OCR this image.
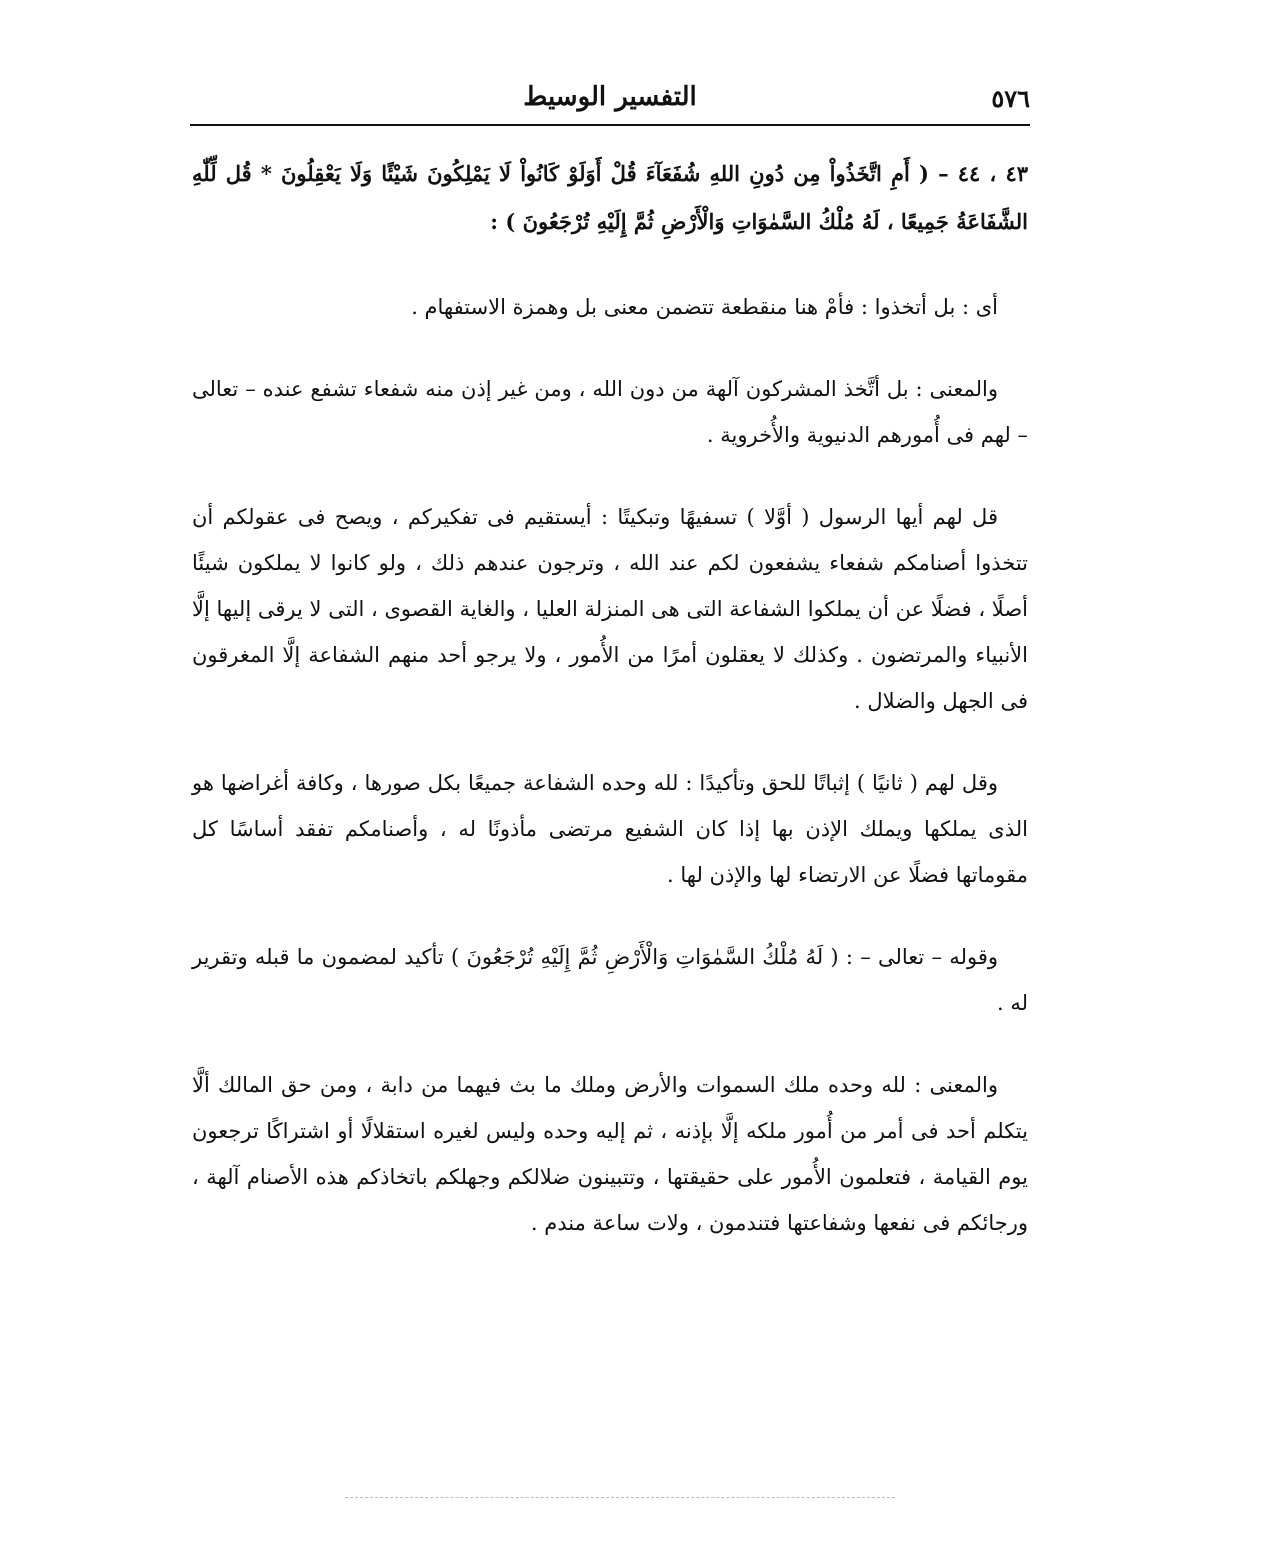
٥٧٦
التفسير الوسيط

٤٣ ، ٤٤ – ( أَمِ اتَّخَذُواْ مِن دُونِ اللهِ شُفَعَآءَ قُلْ أَوَلَوْ كَانُواْ لَا يَمْلِكُونَ شَيْئًا وَلَا يَعْقِلُونَ * قُل لِّلّٰهِ الشَّفَاعَةُ جَمِيعًا ، لَهُ مُلْكُ السَّمٰوَاتِ وَالْأَرْضِ ثُمَّ إِلَيْهِ تُرْجَعُونَ ) :

أى : بل أتخذوا : فأمْ هنا منقطعة تتضمن معنى بل وهمزة الاستفهام .

والمعنى : بل أتَّخذ المشركون آلهة من دون الله ، ومن غير إذن منه شفعاء تشفع عنده – تعالى – لهم فى أُمورهم الدنيوية والأُخروية .

قل لهم أيها الرسول ( أوَّلا ) تسفيهًا وتبكيتًا : أيستقيم فى تفكيركم ، ويصح فى عقولكم أن تتخذوا أصنامكم شفعاء يشفعون لكم عند الله ، وترجون عندهم ذلك ، ولو كانوا لا يملكون شيئًا أصلًا ، فضلًا عن أن يملكوا الشفاعة التى هى المنزلة العليا ، والغاية القصوى ، التى لا يرقى إليها إلَّا الأنبياء والمرتضون . وكذلك لا يعقلون أمرًا من الأُمور ، ولا يرجو أحد منهم الشفاعة إلَّا المغرقون فى الجهل والضلال .

وقل لهم ( ثانيًا ) إثباتًا للحق وتأكيدًا : لله وحده الشفاعة جميعًا بكل صورها ، وكافة أغراضها هو الذى يملكها ويملك الإذن بها إذا كان الشفيع مرتضى مأذونًا له ، وأصنامكم تفقد أساسًا كل مقوماتها فضلًا عن الارتضاء لها والإذن لها .

وقوله – تعالى – : ( لَهُ مُلْكُ السَّمٰوَاتِ وَالْأَرْضِ ثُمَّ إِلَيْهِ تُرْجَعُونَ ) تأكيد لمضمون ما قبله وتقرير له .

والمعنى : لله وحده ملك السموات والأرض وملك ما بث فيهما من دابة ، ومن حق المالك ألَّا يتكلم أحد فى أمر من أُمور ملكه إلَّا بإذنه ، ثم إليه وحده وليس لغيره استقلالًا أو اشتراكًا ترجعون يوم القيامة ، فتعلمون الأُمور على حقيقتها ، وتتبينون ضلالكم وجهلكم باتخاذكم هذه الأصنام آلهة ، ورجائكم فى نفعها وشفاعتها فتندمون ، ولات ساعة مندم .
